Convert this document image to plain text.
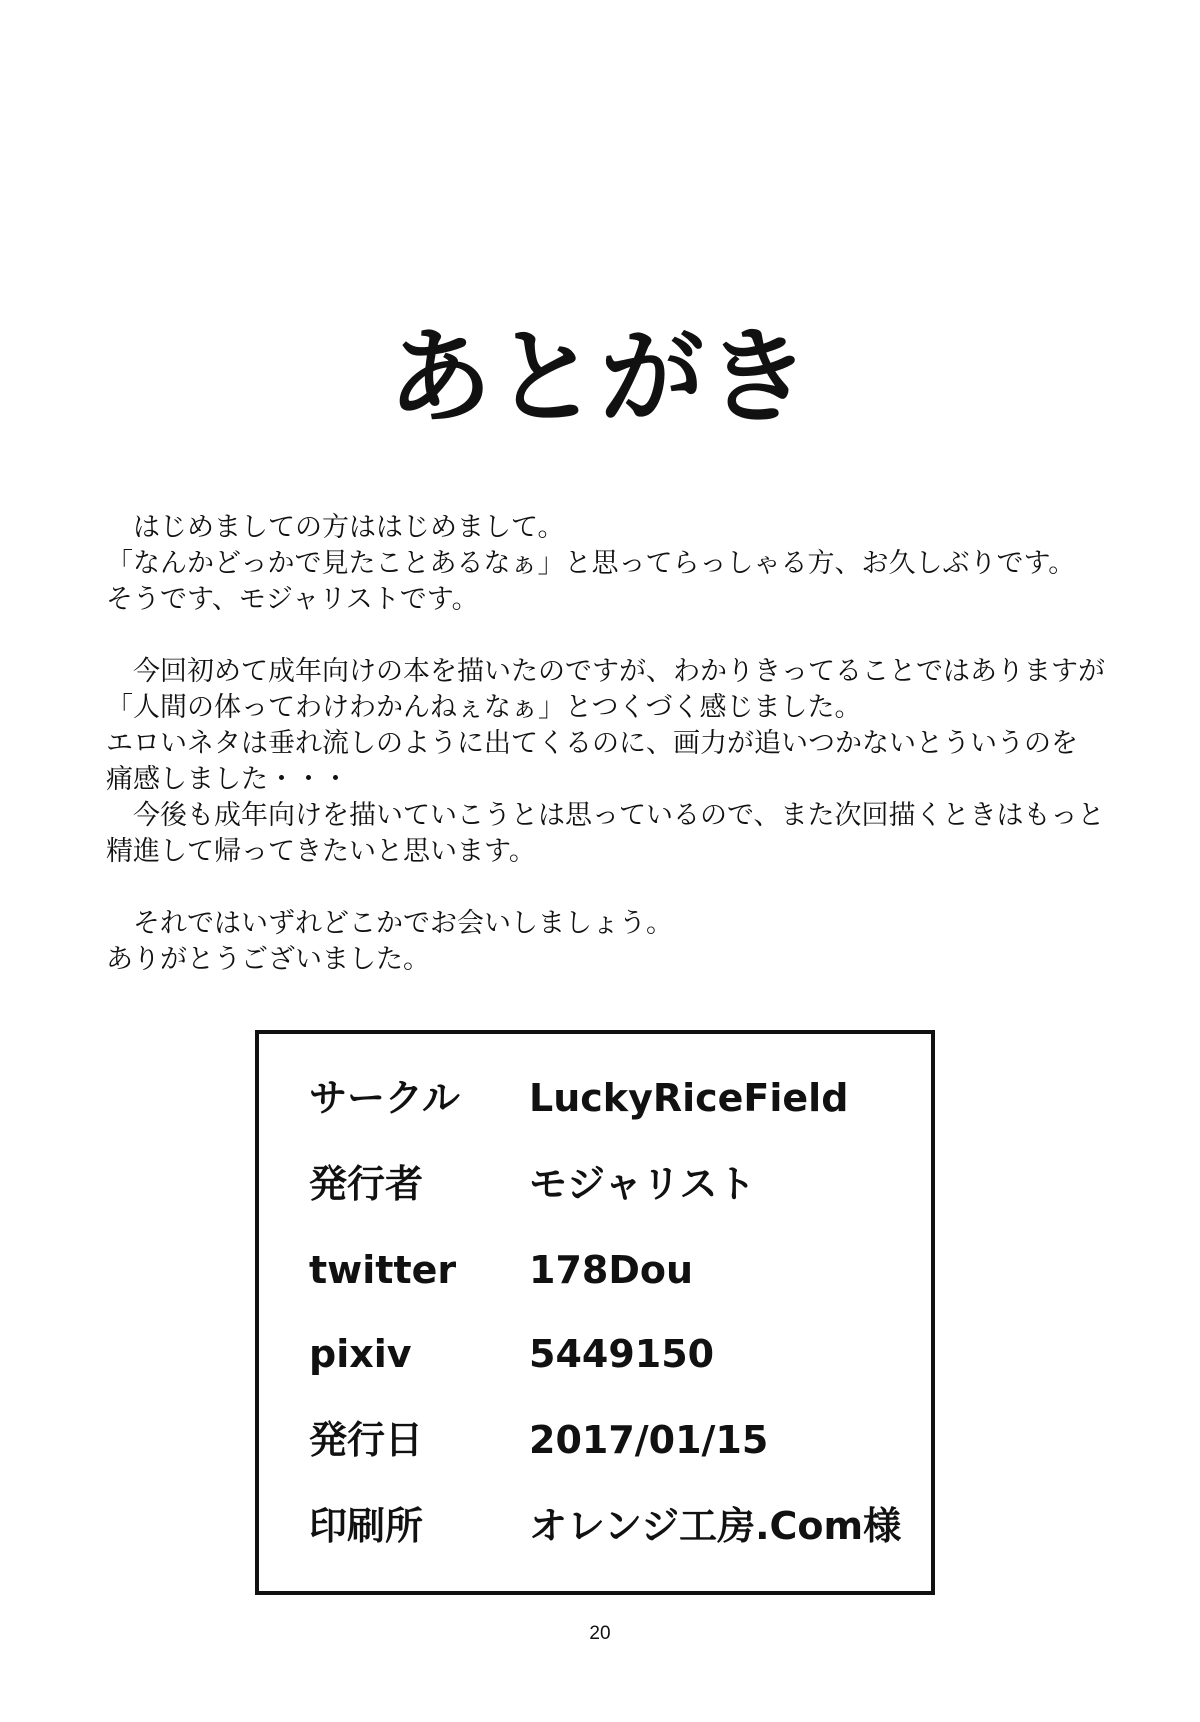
あとがき
はじめましての方ははじめまして。
「なんかどっかで見たことあるなぁ」と思ってらっしゃる方、お久しぶりです。
そうです、モジャリストです。
今回初めて成年向けの本を描いたのですが、わかりきってることではありますが
「人間の体ってわけわかんねぇなぁ」とつくづく感じました。
エロいネタは垂れ流しのように出てくるのに、画力が追いつかないとういうのを
痛感しました・・・
今後も成年向けを描いていこうとは思っているので、また次回描くときはもっと
精進して帰ってきたいと思います。
それではいずれどこかでお会いしましょう。
ありがとうございました。
サークル LuckyRiceField
発行者	モジャリスト
twitter 178Dou
pixiv	5449150
発行日	2017/01/15
印刷所	オレンジ工房.Com様
20
